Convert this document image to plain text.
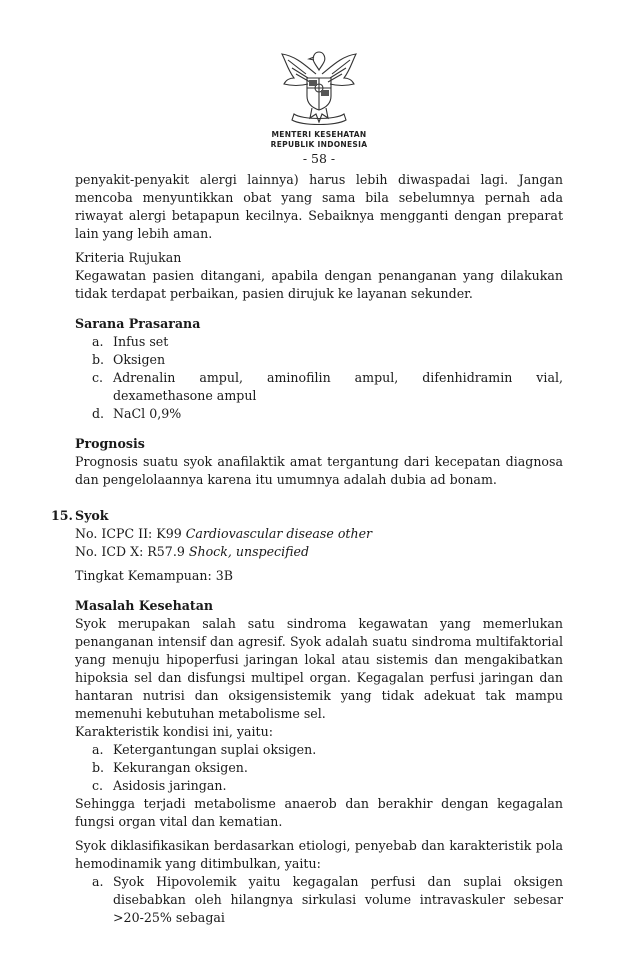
MENTERI KESEHATAN
REPUBLIK INDONESIA
- 58 -

penyakit-penyakit alergi lainnya) harus lebih diwaspadai lagi. Jangan mencoba menyuntikkan obat yang sama bila sebelumnya pernah ada riwayat alergi betapapun kecilnya. Sebaiknya mengganti dengan preparat lain yang lebih aman.

Kriteria Rujukan

Kegawatan pasien ditangani, apabila dengan penanganan yang dilakukan tidak terdapat perbaikan, pasien dirujuk ke layanan sekunder.

Sarana Prasarana

a. Infus set
b. Oksigen
c. Adrenalin ampul, aminofilin ampul, difenhidramin vial, dexamethasone ampul
d. NaCl 0,9%

Prognosis

Prognosis suatu syok anafilaktik amat tergantung dari kecepatan diagnosa dan pengelolaannya karena itu umumnya adalah dubia ad bonam.

15. Syok

No. ICPC II: K99 Cardiovascular disease other

No. ICD X: R57.9 Shock, unspecified

Tingkat Kemampuan: 3B

Masalah Kesehatan

Syok merupakan salah satu sindroma kegawatan yang memerlukan penanganan intensif dan agresif. Syok adalah suatu sindroma multifaktorial yang menuju hipoperfusi jaringan lokal atau sistemis dan mengakibatkan hipoksia sel dan disfungsi multipel organ. Kegagalan perfusi jaringan dan hantaran nutrisi dan oksigensistemik yang tidak adekuat tak mampu memenuhi kebutuhan metabolisme sel.

Karakteristik kondisi ini, yaitu:

a. Ketergantungan suplai oksigen.
b. Kekurangan oksigen.
c. Asidosis jaringan.

Sehingga terjadi metabolisme anaerob dan berakhir dengan kegagalan fungsi organ vital dan kematian.

Syok diklasifikasikan berdasarkan etiologi, penyebab dan karakteristik pola hemodinamik yang ditimbulkan, yaitu:

a. Syok Hipovolemik yaitu kegagalan perfusi dan suplai oksigen disebabkan oleh hilangnya sirkulasi volume intravaskuler sebesar >20-25% sebagai
